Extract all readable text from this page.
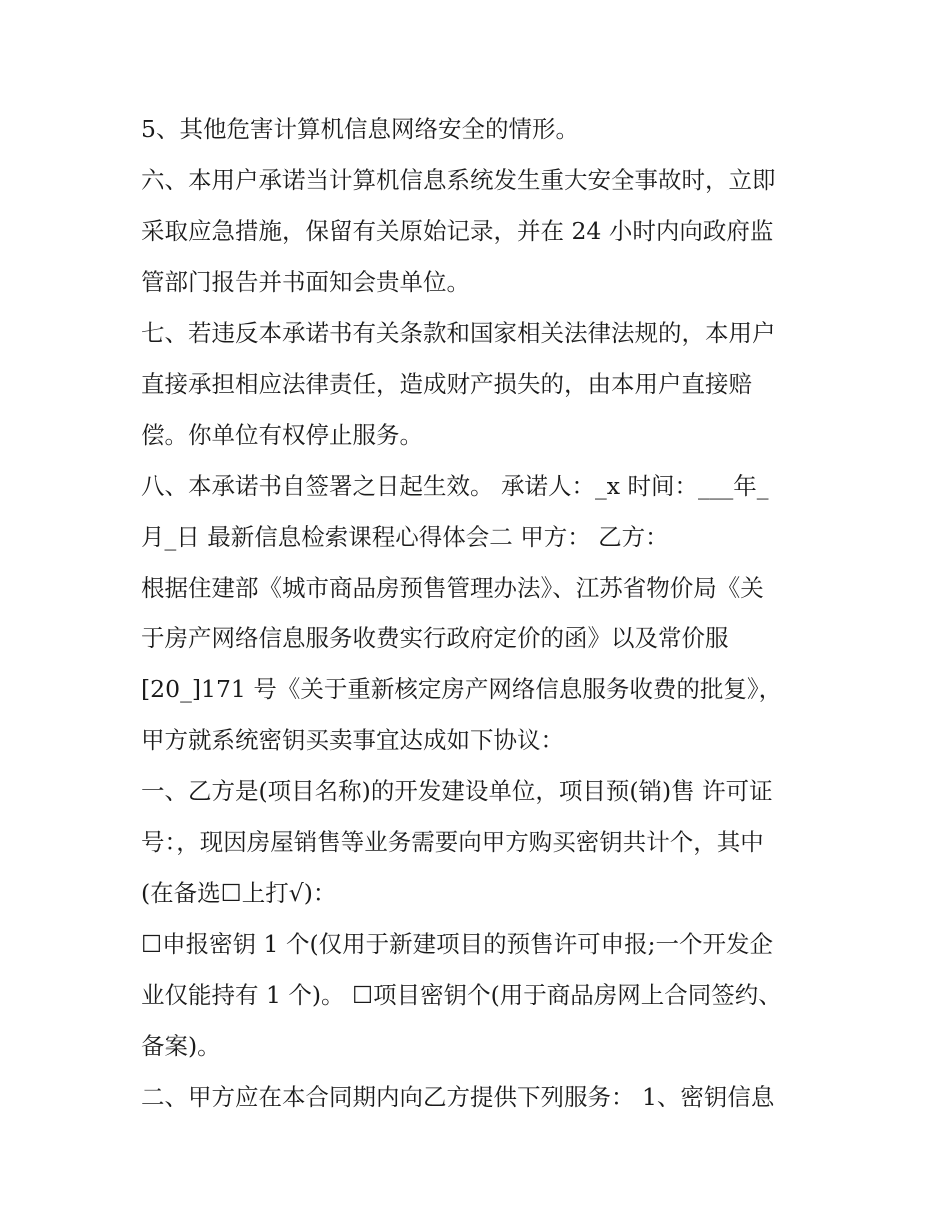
5、其他危害计算机信息网络安全的情形。
六、本用户承诺当计算机信息系统发生重大安全事故时，立即
采取应急措施，保留有关原始记录，并在 24 小时内向政府监
管部门报告并书面知会贵单位。
七、若违反本承诺书有关条款和国家相关法律法规的，本用户
直接承担相应法律责任，造成财产损失的，由本用户直接赔
偿。你单位有权停止服务。
八、本承诺书自签署之日起生效。 承诺人：_x 时间：___年_
月_日 最新信息检索课程心得体会二 甲方： 乙方：
根据住建部《城市商品房预售管理办法》、江苏省物价局《关
于房产网络信息服务收费实行政府定价的函》以及常价服
[20_]171 号《关于重新核定房产网络信息服务收费的批复》，
甲方就系统密钥买卖事宜达成如下协议：
一、乙方是(项目名称)的开发建设单位，项目预(销)售 许可证
号：，现因房屋销售等业务需要向甲方购买密钥共计个，其中
(在备选☐上打√)：
☐申报密钥 1 个(仅用于新建项目的预售许可申报;一个开发企
业仅能持有 1 个)。 ☐项目密钥个(用于商品房网上合同签约、
备案)。
二、甲方应在本合同期内向乙方提供下列服务： 1、密钥信息
